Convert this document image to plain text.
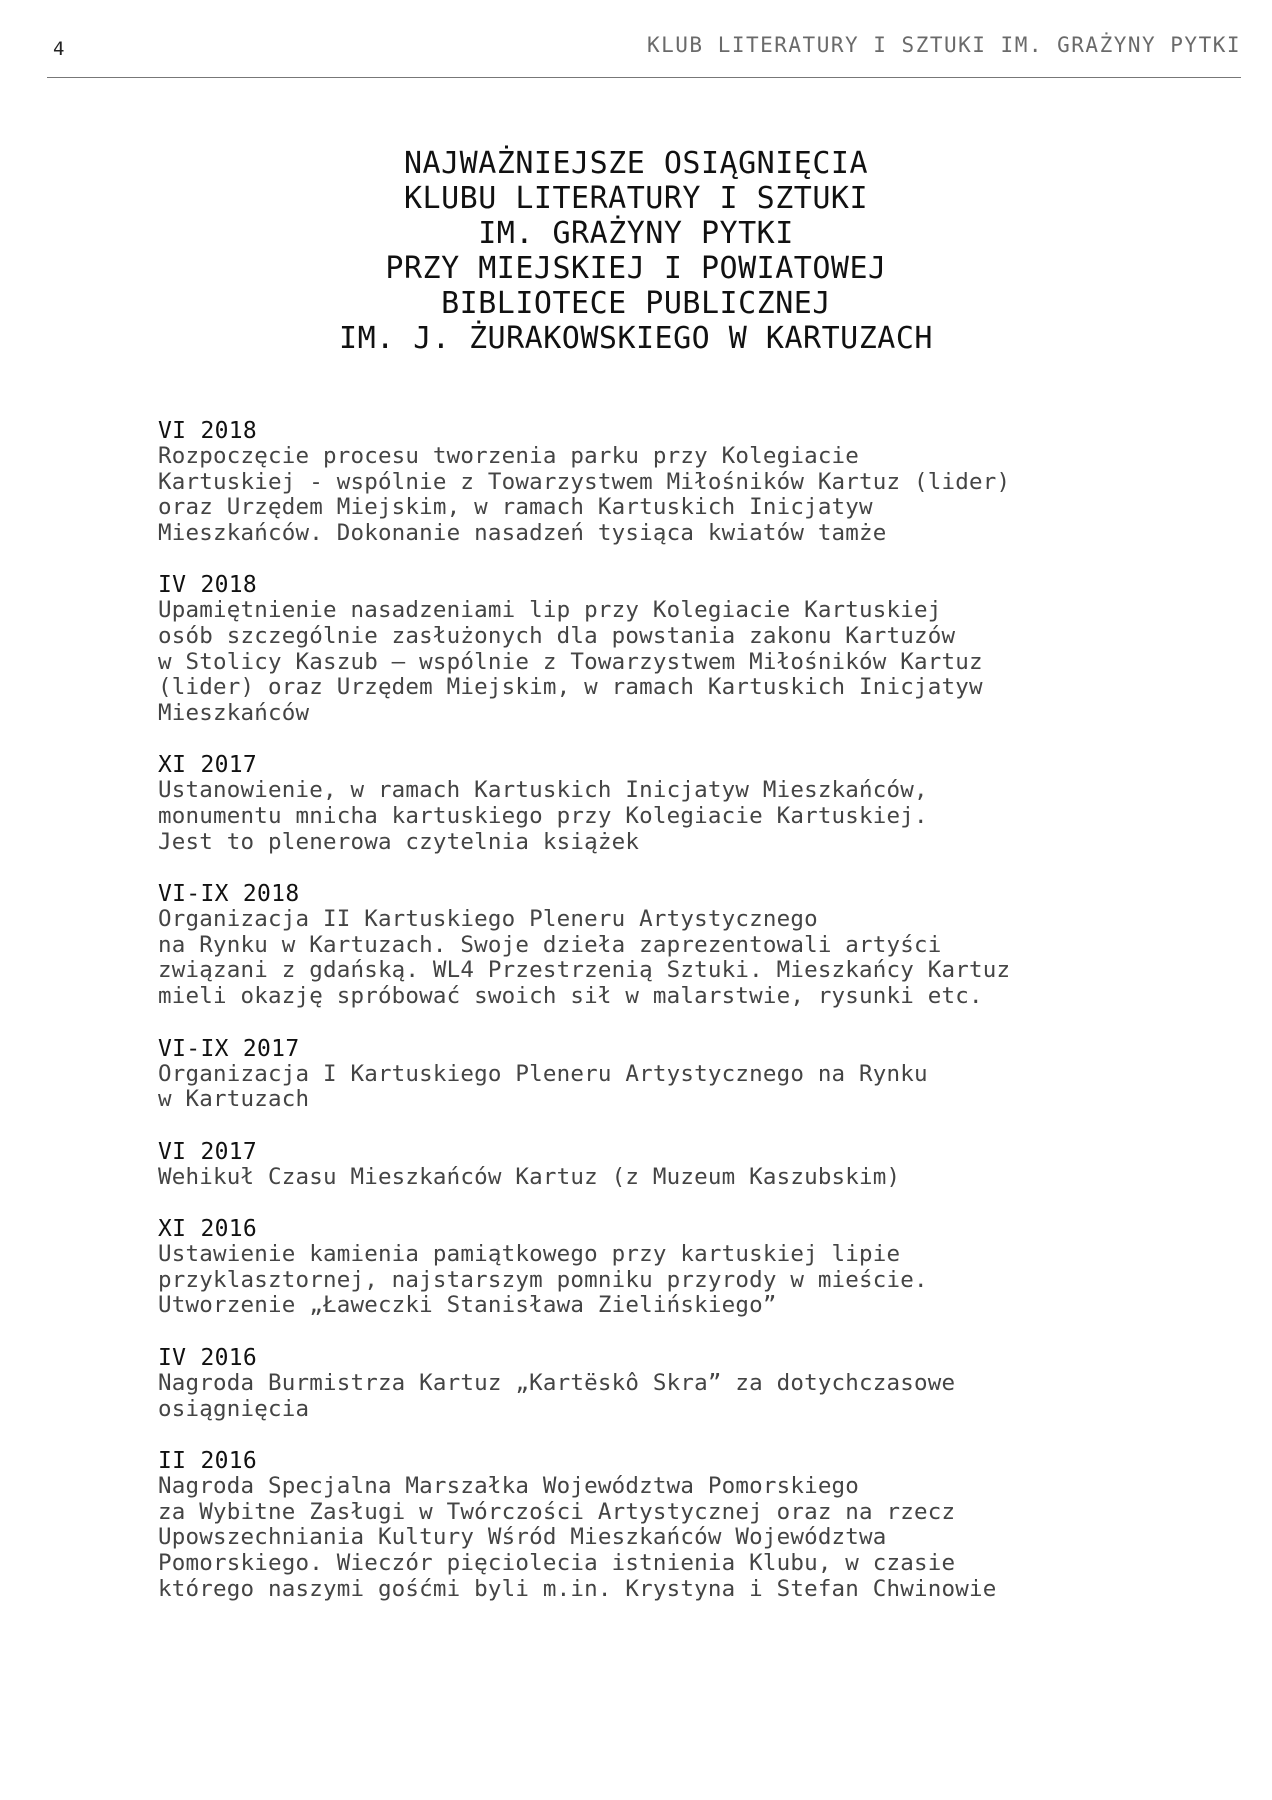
4	KLUB LITERATURY I SZTUKI IM. GRAŻYNY PYTKI
NAJWAŻNIEJSZE OSIĄGNIĘCIA
KLUBU LITERATURY I SZTUKI
IM. GRAŻYNY PYTKI
PRZY MIEJSKIEJ I POWIATOWEJ
BIBLIOTECE PUBLICZNEJ
IM. J. ŻURAKOWSKIEGO W KARTUZACH
VI 2018
Rozpoczęcie procesu tworzenia parku przy Kolegiacie
Kartuskiej - wspólnie z Towarzystwem Miłośników Kartuz (lider)
oraz Urzędem Miejskim, w ramach Kartuskich Inicjatyw
Mieszkańców. Dokonanie nasadzeń tysiąca kwiatów tamże
IV 2018
Upamiętnienie nasadzeniami lip przy Kolegiacie Kartuskiej
osób szczególnie zasłużonych dla powstania zakonu Kartuzów
w Stolicy Kaszub – wspólnie z Towarzystwem Miłośników Kartuz
(lider) oraz Urzędem Miejskim, w ramach Kartuskich Inicjatyw
Mieszkańców
XI 2017
Ustanowienie, w ramach Kartuskich Inicjatyw Mieszkańców,
monumentu mnicha kartuskiego przy Kolegiacie Kartuskiej.
Jest to plenerowa czytelnia książek
VI-IX 2018
Organizacja II Kartuskiego Pleneru Artystycznego
na Rynku w Kartuzach. Swoje dzieła zaprezentowali artyści
związani z gdańską. WL4 Przestrzenią Sztuki. Mieszkańcy Kartuz
mieli okazję spróbować swoich sił w malarstwie, rysunki etc.
VI-IX 2017
Organizacja I Kartuskiego Pleneru Artystycznego na Rynku
w Kartuzach
VI 2017
Wehikuł Czasu Mieszkańców Kartuz (z Muzeum Kaszubskim)
XI 2016
Ustawienie kamienia pamiątkowego przy kartuskiej lipie
przyklasztornej, najstarszym pomniku przyrody w mieście.
Utworzenie „Ławeczki Stanisława Zielińskiego”
IV 2016
Nagroda Burmistrza Kartuz „Kartëskô Skra” za dotychczasowe
osiągnięcia
II 2016
Nagroda Specjalna Marszałka Województwa Pomorskiego
za Wybitne Zasługi w Twórczości Artystycznej oraz na rzecz
Upowszechniania Kultury Wśród Mieszkańców Województwa
Pomorskiego. Wieczór pięciolecia istnienia Klubu, w czasie
którego naszymi gośćmi byli m.in. Krystyna i Stefan Chwinowie
